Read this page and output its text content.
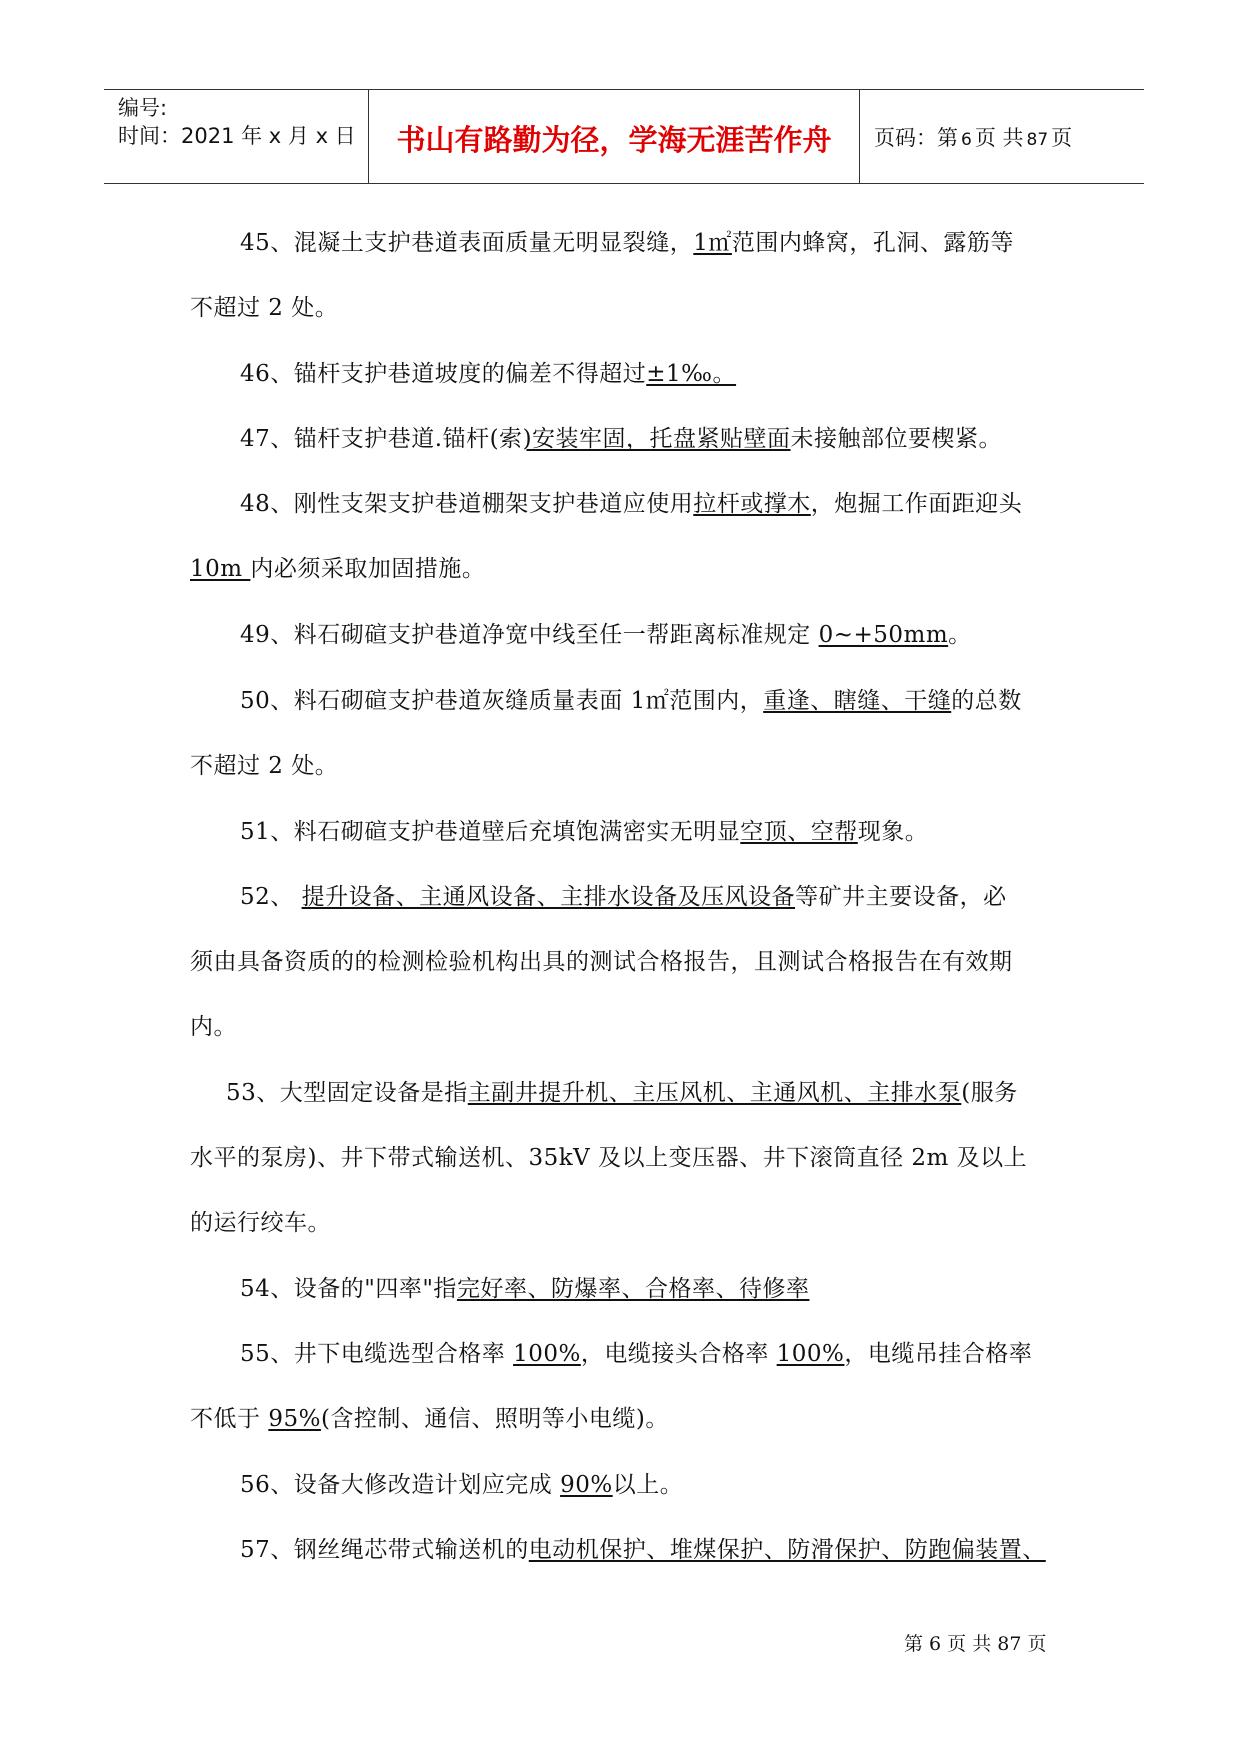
编号:
时间：2021 年 x 月 x 日	书山有路勤为径，学海无涯苦作舟	页码：第 6 页 共 87 页
45、混凝土支护巷道表面质量无明显裂缝，1㎡范围内蜂窝，孔洞、露筋等
不超过 2 处。
46、锚杆支护巷道坡度的偏差不得超过±1‰。
47、锚杆支护巷道.锚杆(索)安装牢固，托盘紧贴壁面未接触部位要楔紧。
48、刚性支架支护巷道棚架支护巷道应使用拉杆或撑木，炮掘工作面距迎头
10m 内必须采取加固措施。
49、料石砌碹支护巷道净宽中线至任一帮距离标准规定 0~+50mm。
50、料石砌碹支护巷道灰缝质量表面 1㎡范围内，重逢、瞎缝、干缝的总数
不超过 2 处。
51、料石砌碹支护巷道壁后充填饱满密实无明显空顶、空帮现象。
52、 提升设备、主通风设备、主排水设备及压风设备等矿井主要设备，必
须由具备资质的的检测检验机构出具的测试合格报告，且测试合格报告在有效期
内。
53、大型固定设备是指主副井提升机、主压风机、主通风机、主排水泵(服务
水平的泵房)、井下带式输送机、35kV 及以上变压器、井下滚筒直径 2m 及以上
的运行绞车。
54、设备的"四率"指完好率、防爆率、合格率、待修率
55、井下电缆选型合格率 100%，电缆接头合格率 100%，电缆吊挂合格率
不低于 95%(含控制、通信、照明等小电缆)。
56、设备大修改造计划应完成 90%以上。
57、钢丝绳芯带式输送机的电动机保护、堆煤保护、防滑保护、防跑偏装置、
第 6 页 共 87 页
